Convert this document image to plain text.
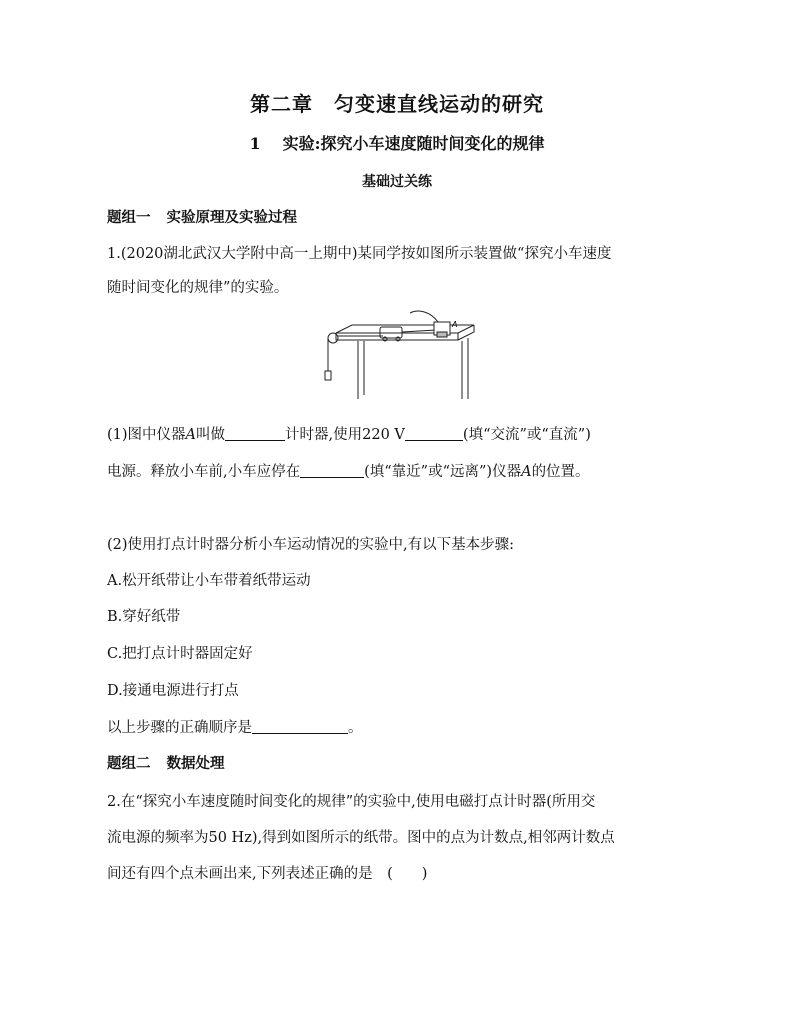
第二章　匀变速直线运动的研究
1 实验:探究小车速度随时间变化的规律
基础过关练
题组一 实验原理及实验过程
1.(2020湖北武汉大学附中高一上期中)某同学按如图所示装置做“探究小车速度
随时间变化的规律”的实验。
A
(1)图中仪器A叫做	计时器,使用220 V	(填“交流”或“直流”)
电源。释放小车前,小车应停在	(填“靠近”或“远离”)仪器A的位置。
(2)使用打点计时器分析小车运动情况的实验中,有以下基本步骤:
A.松开纸带让小车带着纸带运动
B.穿好纸带
C.把打点计时器固定好
D.接通电源进行打点
以上步骤的正确顺序是	。
题组二 数据处理
2.在“探究小车速度随时间变化的规律”的实验中,使用电磁打点计时器(所用交
流电源的频率为50 Hz),得到如图所示的纸带。图中的点为计数点,相邻两计数点
间还有四个点未画出来,下列表述正确的是　(　　)
